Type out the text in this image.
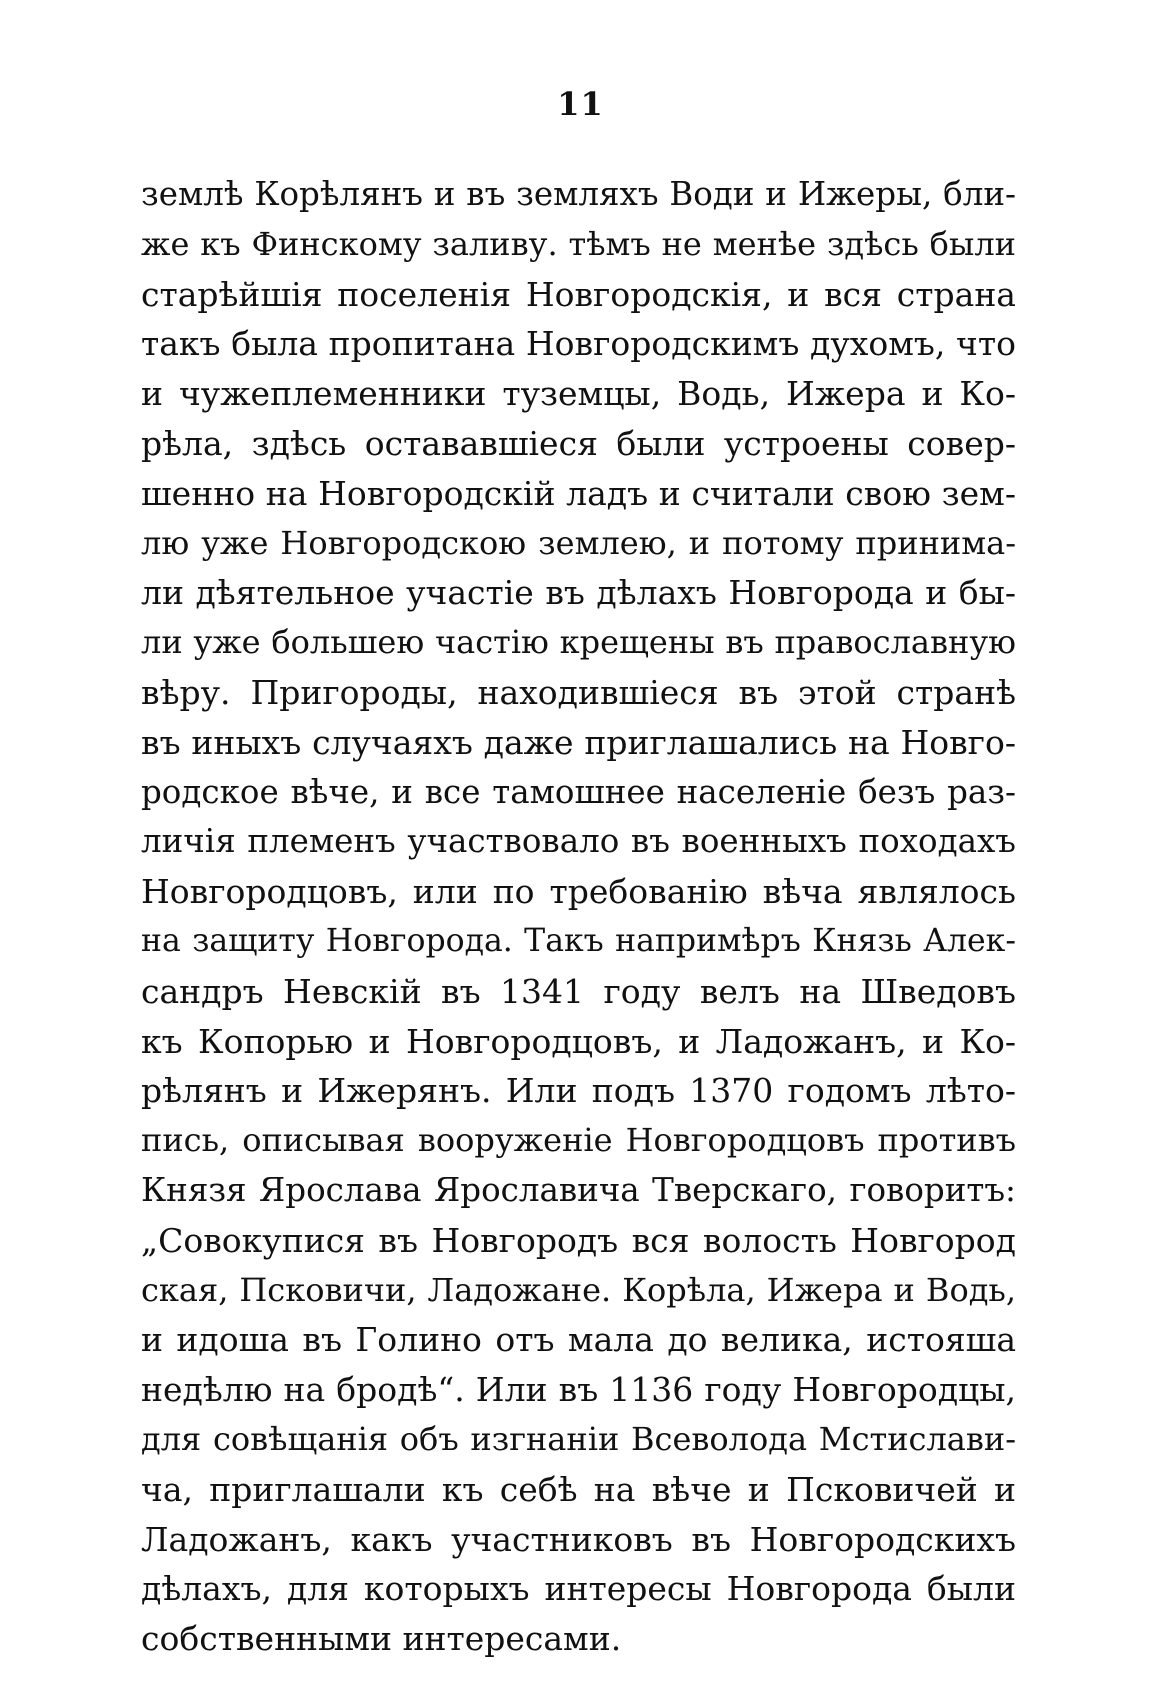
11
землѣ Корѣлянъ и въ земляхъ Води и Ижеры, бли-
же къ Финскому заливу. тѣмъ не менѣе здѣсь были
старѣйшія поселенія Новгородскія, и вся страна
такъ была пропитана Новгородскимъ духомъ, что
и чужеплеменники туземцы, Водь, Ижера и Ко-
рѣла, здѣсь остававшіеся были устроены совер-
шенно на Новгородскій ладъ и считали свою зем-
лю уже Новгородскою землею, и потому принима-
ли дѣятельное участіе въ дѣлахъ Новгорода и бы-
ли уже большею частію крещены въ православную
вѣру. Пригороды, находившіеся въ этой странѣ
въ иныхъ случаяхъ даже приглашались на Новго-
родское вѣче, и все тамошнее населеніе безъ раз-
личія племенъ участвовало въ военныхъ походахъ
Новгородцовъ, или по требованію вѣча являлось
на защиту Новгорода. Такъ напримѣръ Князь Алек-
сандръ Невскій въ 1341 году велъ на Шведовъ
къ Копорью и Новгородцовъ, и Ладожанъ, и Ко-
рѣлянъ и Ижерянъ. Или подъ 1370 годомъ лѣто-
пись, описывая вооруженіе Новгородцовъ противъ
Князя Ярослава Ярославича Тверскаго, говоритъ:
„Совокупися въ Новгородъ вся волость Новгород
ская, Псковичи, Ладожане. Корѣла, Ижера и Водь,
и идоша въ Голино отъ мала до велика, истояша
недѣлю на бродѣ“. Или въ 1136 году Новгородцы,
для совѣщанія объ изгнаніи Всеволода Мстислави-
ча, приглашали къ себѣ на вѣче и Псковичей и
Ладожанъ, какъ участниковъ въ Новгородскихъ
дѣлахъ, для которыхъ интересы Новгорода были
собственными интересами.
